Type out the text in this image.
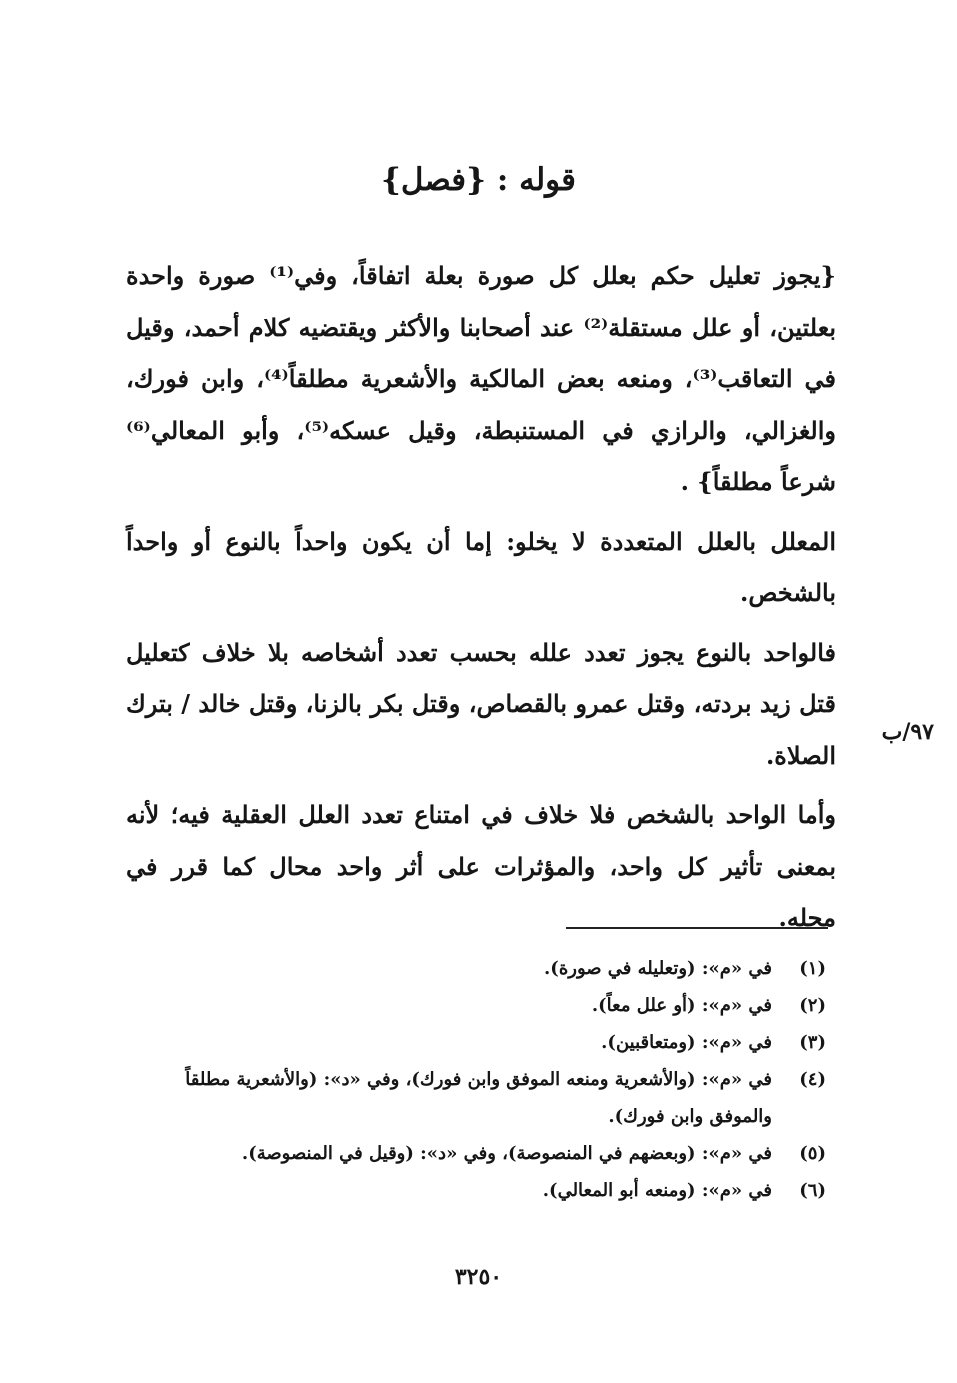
قوله : {فصل}

{يجوز تعليل حكم بعلل كل صورة بعلة اتفاقاً، وفي⁽¹⁾ صورة واحدة بعلتين، أو علل مستقلة⁽²⁾ عند أصحابنا والأكثر ويقتضيه كلام أحمد، وقيل في التعاقب⁽³⁾، ومنعه بعض المالكية والأشعرية مطلقاً⁽⁴⁾، وابن فورك، والغزالي، والرازي في المستنبطة، وقيل عسكه⁽⁵⁾، وأبو المعالي⁽⁶⁾ شرعاً مطلقاً} .

المعلل بالعلل المتعددة لا يخلو: إما أن يكون واحداً بالنوع أو واحداً بالشخص.

فالواحد بالنوع يجوز تعدد علله بحسب تعدد أشخاصه بلا خلاف كتعليل قتل زيد بردته، وقتل عمرو بالقصاص، وقتل بكر بالزنا، وقتل خالد / بترك الصلاة.

وأما الواحد بالشخص فلا خلاف في امتناع تعدد العلل العقلية فيه؛ لأنه بمعنى تأثير كل واحد، والمؤثرات على أثر واحد محال كما قرر في محله.

٩٧/ب
(١)
في «م»: (وتعليله في صورة).
(٢)
في «م»: (أو علل معاً).
(٣)
في «م»: (ومتعاقبين).
(٤)
في «م»: (والأشعرية ومنعه الموفق وابن فورك)، وفي «د»: (والأشعرية مطلقاً والموفق وابن فورك).
(٥)
في «م»: (وبعضهم في المنصوصة)، وفي «د»: (وقيل في المنصوصة).
(٦)
في «م»: (ومنعه أبو المعالي).
٣٢٥٠
